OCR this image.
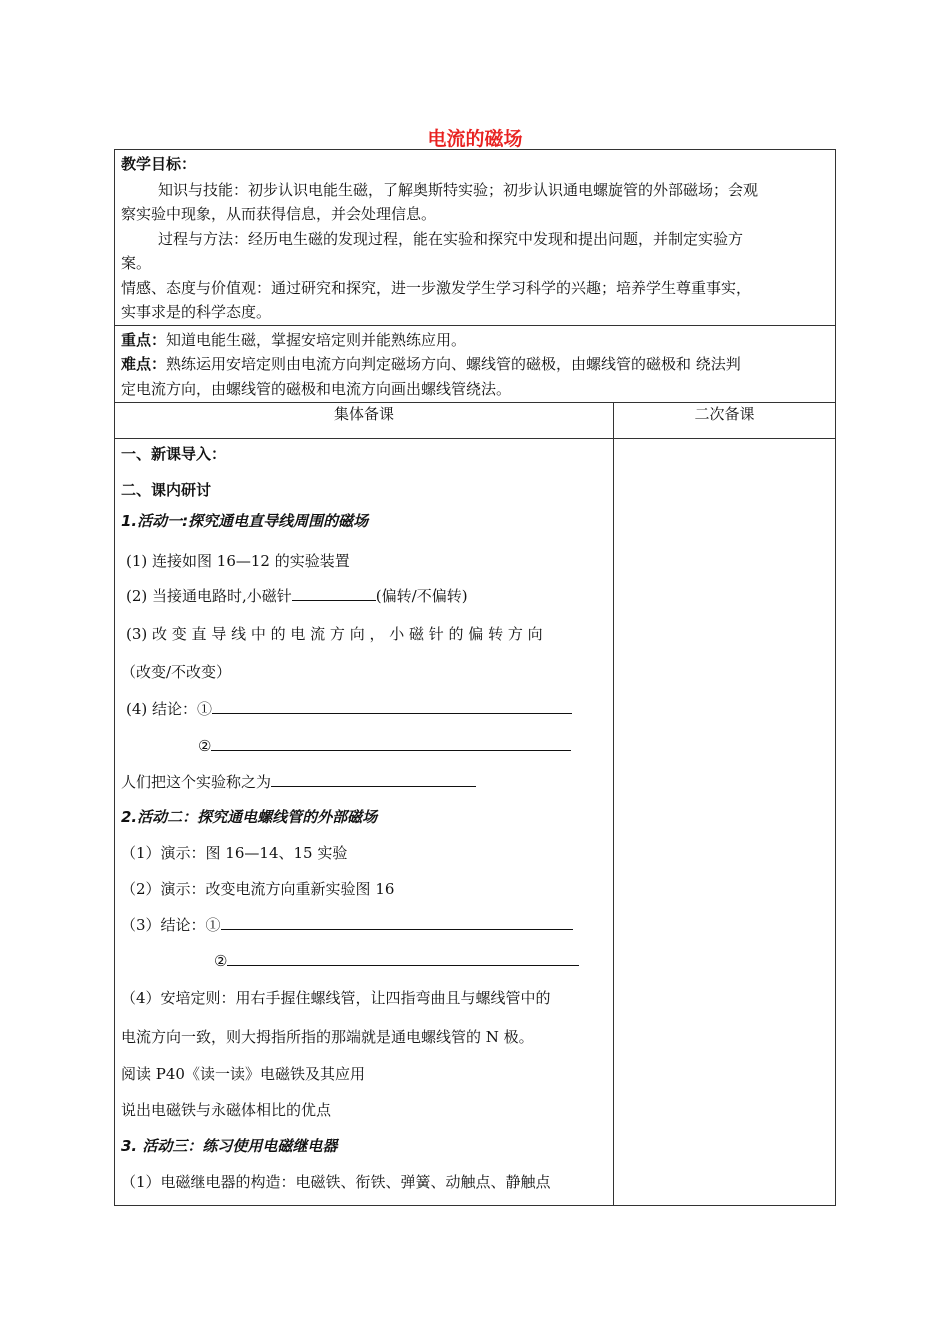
电流的磁场
教学目标：
知识与技能：初步认识电能生磁，了解奥斯特实验；初步认识通电螺旋管的外部磁场；会观
察实验中现象，从而获得信息，并会处理信息。
过程与方法：经历电生磁的发现过程，能在实验和探究中发现和提出问题，并制定实验方
案。
情感、态度与价值观：通过研究和探究，进一步激发学生学习科学的兴趣；培养学生尊重事实，
实事求是的科学态度。
重点：知道电能生磁，掌握安培定则并能熟练应用。
难点：熟练运用安培定则由电流方向判定磁场方向、螺线管的磁极，由螺线管的磁极和 绕法判
定电流方向，由螺线管的磁极和电流方向画出螺线管绕法。
集体备课	二次备课
一、新课导入：
二、课内研讨
1.活动一:探究通电直导线周围的磁场
(1) 连接如图 16—12 的实验装置
(2) 当接通电路时,小磁针	(偏转/不偏转)
(3) 改 变 直 导 线 中 的 电 流 方 向 ， 小 磁 针 的 偏 转 方 向
（改变/不改变）
(4) 结论：①
②
人们把这个实验称之为
2.活动二：探究通电螺线管的外部磁场
（1）演示：图 16—14、15 实验
（2）演示：改变电流方向重新实验图 16
（3）结论：①
②
（4）安培定则：用右手握住螺线管，让四指弯曲且与螺线管中的
电流方向一致，则大拇指所指的那端就是通电螺线管的 N 极。
阅读 P40《读一读》电磁铁及其应用
说出电磁铁与永磁体相比的优点
3. 活动三：练习使用电磁继电器
（1）电磁继电器的构造：电磁铁、衔铁、弹簧、动触点、静触点
